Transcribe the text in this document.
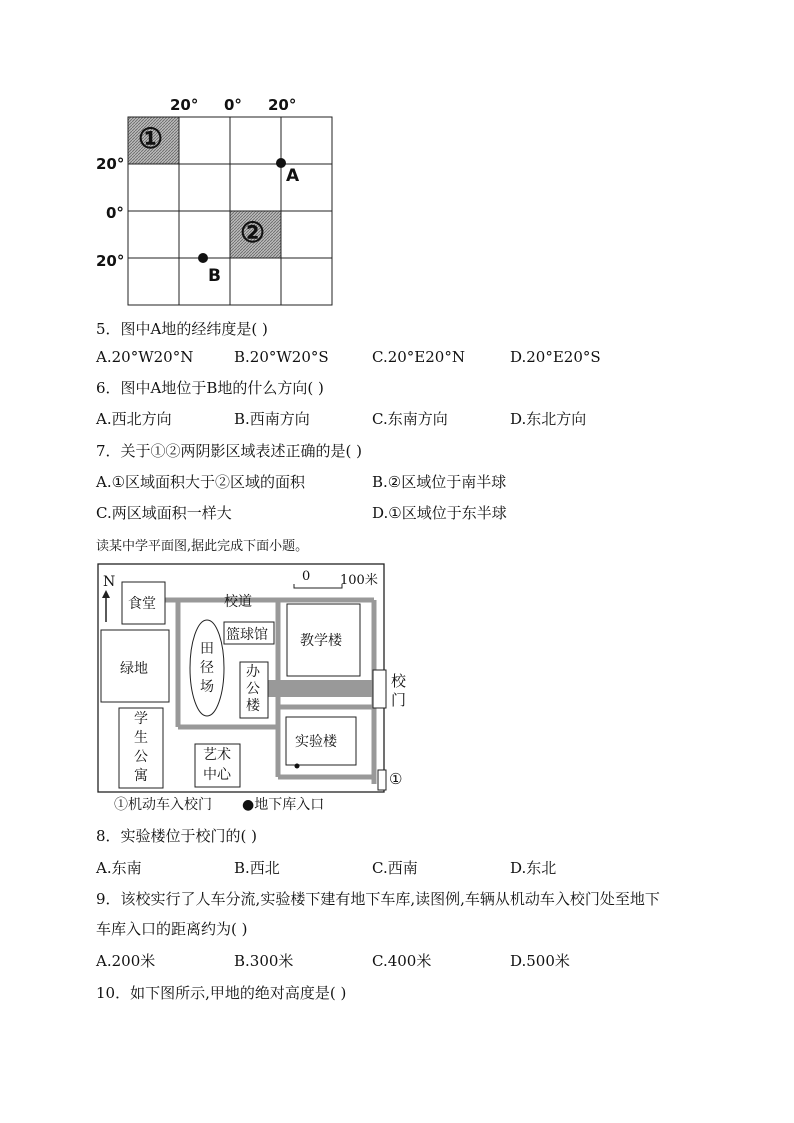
20° 0° 20°
20°
0°
20°
①
②
A
B
5．图中A地的经纬度是( )
A.20°W20°N	B.20°W20°S	C.20°E20°N	D.20°E20°S
6．图中A地位于B地的什么方向( )
A.西北方向	B.西南方向	C.东南方向	D.东北方向
7．关于①②两阴影区域表述正确的是( )
A.①区域面积大于②区域的面积	B.②区域位于南半球
C.两区域面积一样大	D.①区域位于东半球
读某中学平面图,据此完成下面小题。
N	0 100米
食堂	校道
篮球馆 教学楼
绿地
田径场
办公楼
校门
实验楼
学生公寓
艺术中心	①
①机动车入校门 ●地下库入口
8．实验楼位于校门的( )
A.东南	B.西北	C.西南	D.东北
9．该校实行了人车分流,实验楼下建有地下车库,读图例,车辆从机动车入校门处至地下
车库入口的距离约为( )
A.200米	B.300米	C.400米	D.500米
10．如下图所示,甲地的绝对高度是( )
